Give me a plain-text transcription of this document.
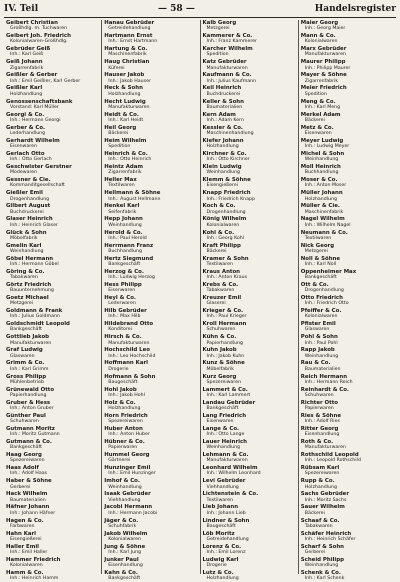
IV. Teil	— 58 —	Handelsregister
Geibert Christian
Großhdlg. m. Tuchwaren
Geibert Joh. Friedrich
Kolonialwaren-Großhdlg.
Gebrüder Geiß
Inh.: Karl Geiß
Geiß Johann
Zigarrenfabrik
Geißler & Gerber
Inh.: Emil Geißler, Karl Gerber
Geißler Karl
Holzhandlung
Genossenschaftsbank
Vorstand: Karl Müller
Georgi & Co.
Inh.: Hermann Georgi
Gerber & Co.
Lederhandlung
Gerhardt Wilhelm
Eisenwaren
Gerlach Otto
Inh.: Otto Gerlach
Geschwister Gerstner
Modewaren
Gessner & Cie.
Kommanditgesellschaft
Gießler Emil
Drogenhandlung
Gilbert August
Buchdruckerei
Glaser Heinrich
Inh.: Heinrich Glaser
Glück & Sohn
Möbelfabrik
Gmelin Karl
Weinhandlung
Göbel Hermann
Inh.: Hermann Göbel
Göring & Co.
Tabakwaren
Görtz Friedrich
Bauunternehmung
Goetz Michael
Metzgerei
Goldmann & Frank
Inh.: Julius Goldmann
Goldschmidt Leopold
Bankgeschäft
Gottlieb Jakob
Manufakturwaren
Graf Ludwig
Glaswaren
Grimm & Co.
Inh.: Karl Grimm
Gross Philipp
Mühlenbetrieb
Grünewald Otto
Papierhandlung
Gruber & Hess
Inh.: Anton Gruber
Günther Paul
Schuhwaren
Gutmann Moritz
Inh.: Moritz Gutmann
Gutmann & Co.
Bankgeschäft
Haag Georg
Spezereiwaren
Haas Adolf
Inh.: Adolf Haas
Haber & Söhne
Gerberei
Hack Wilhelm
Baumaterialien
Häfner Johann
Inh.: Johann Häfner
Hagen & Co.
Farbwaren
Hahn Karl
Eisengießerei
Haller Emil
Inh.: Emil Haller
Hammer Friedrich
Kolonialwaren
Hamm & Co.
Inh.: Heinrich Hamm
Hanau Gebrüder
Getreidehandlung
Hartmann Ernst
Inh.: Ernst Hartmann
Hartung & Co.
Maschinenfabrik
Haug Christian
Küferei
Hauser Jakob
Inh.: Jakob Hauser
Heck & Sohn
Holzhandlung
Hecht Ludwig
Manufakturwaren
Heidt & Co.
Inh.: Karl Heidt
Heil Georg
Bäckerei
Heim Wilhelm
Spedition
Heinrich & Co.
Inh.: Otto Heinrich
Heintz Adam
Zigarrenfabrik
Heller Max
Textilwaren
Hellmann & Söhne
Inh.: August Hellmann
Henkel Karl
Seifenfabrik
Hepp Johann
Weinhandlung
Herold & Co.
Inh.: Paul Herold
Herrmann Franz
Buchhandlung
Hertz Siegmund
Bankgeschäft
Herzog & Co.
Inh.: Ludwig Herzog
Hess Philipp
Eisenwaren
Heyl & Co.
Lederwaren
Hilb Gebrüder
Inh.: Max Hilb
Hildebrand Otto
Konditorei
Hirsch & Co.
Manufakturwaren
Hochschild Leo
Inh.: Leo Hochschild
Hoffmann Karl
Drogerie
Hofmann & Sohn
Baugeschäft
Hohl Jakob
Inh.: Jakob Hohl
Holz & Co.
Holzhandlung
Horn Friedrich
Spezereiwaren
Huber Anton
Inh.: Anton Huber
Hübner & Co.
Papierwaren
Hummel Georg
Gärtnerei
Hunzinger Emil
Inh.: Emil Hunzinger
Imhof & Co.
Weinhandlung
Isaak Gebrüder
Viehhandlung
Jacobi Hermann
Inh.: Hermann Jacobi
Jäger & Co.
Schuhfabrik
Jakob Wilhelm
Kolonialwaren
Jung & Söhne
Inh.: Karl Jung
Junker Paul
Eisenhandlung
Kahn & Co.
Bankgeschäft
Kalb Georg
Metzgerei
Kammerer & Co.
Inh.: Franz Kammerer
Karcher Wilhelm
Spedition
Katz Gebrüder
Manufakturwaren
Kaufmann & Co.
Inh.: Julius Kaufmann
Keil Heinrich
Buchdruckerei
Keller & Sohn
Baumaterialien
Kern Adam
Inh.: Adam Kern
Kessler & Co.
Maschinenhandlung
Kiefer Johann
Holzhandlung
Kirchner & Co.
Inh.: Otto Kirchner
Klein Ludwig
Weinhandlung
Klemm & Söhne
Eisengießerei
Knapp Friedrich
Inh.: Friedrich Knapp
Koch & Co.
Drogenhandlung
König Wilhelm
Kolonialwaren
Kohl & Co.
Inh.: Georg Kohl
Kraft Philipp
Bäckerei
Kramer & Sohn
Textilwaren
Kraus Anton
Inh.: Anton Kraus
Krebs & Co.
Tabakwaren
Kreuzer Emil
Glaserei
Krieger & Co.
Inh.: Paul Krieger
Kroll Hermann
Schuhwaren
Kühn & Co.
Papierhandlung
Kuhn Jakob
Inh.: Jakob Kuhn
Kunz & Söhne
Möbelfabrik
Kurz Georg
Spezereiwaren
Lammert & Co.
Inh.: Karl Lammert
Landau Gebrüder
Bankgeschäft
Lang Friedrich
Eisenwaren
Lange & Co.
Inh.: Otto Lange
Lauer Heinrich
Weinhandlung
Lehmann & Co.
Manufakturwaren
Leonhard Wilhelm
Inh.: Wilhelm Leonhard
Levi Gebrüder
Viehhandlung
Lichtenstein & Co.
Textilwaren
Lieb Johann
Inh.: Johann Lieb
Lindner & Sohn
Baugeschäft
Löb Moritz
Getreidehandlung
Lorenz & Co.
Inh.: Emil Lorenz
Ludwig Karl
Drogerie
Lutz & Co.
Holzhandlung
Maier Georg
Inh.: Georg Maier
Mann & Co.
Kolonialwaren
Marx Gebrüder
Manufakturwaren
Maurer Philipp
Inh.: Philipp Maurer
Mayer & Söhne
Zigarrenfabrik
Meier Friedrich
Spedition
Meng & Co.
Inh.: Karl Meng
Merkel Adam
Bäckerei
Metz & Co.
Eisenwaren
Meyer Ludwig
Inh.: Ludwig Meyer
Michel & Sohn
Weinhandlung
Moll Heinrich
Buchhandlung
Moser & Co.
Inh.: Anton Moser
Müller Johann
Holzhandlung
Müller & Cie.
Maschinenfabrik
Nagel Wilhelm
Inh.: Wilhelm Nagel
Neumann & Co.
Textilwaren
Nick Georg
Metzgerei
Noll & Söhne
Inh.: Karl Noll
Oppenheimer Max
Bankgeschäft
Ott & Co.
Drogenhandlung
Otto Friedrich
Inh.: Friedrich Otto
Pfeiffer & Co.
Kolonialwaren
Pfister Emil
Glaswaren
Pohl & Sohn
Inh.: Paul Pohl
Rapp Jakob
Weinhandlung
Rau & Co.
Baumaterialien
Reich Hermann
Inh.: Hermann Reich
Reinhardt & Co.
Schuhwaren
Richter Otto
Papierwaren
Ries & Söhne
Inh.: Adolf Ries
Ritter Georg
Eisenhandlung
Roth & Co.
Manufakturwaren
Rothschild Leopold
Inh.: Leopold Rothschild
Rübsam Karl
Spezereiwaren
Rupp & Co.
Holzhandlung
Sachs Gebrüder
Inh.: Moritz Sachs
Sauer Wilhelm
Bäckerei
Schaaf & Co.
Tabakwaren
Schäfer Heinrich
Inh.: Heinrich Schäfer
Scharf & Sohn
Gerberei
Scheid Philipp
Weinhandlung
Schenk & Co.
Inh.: Karl Schenk
